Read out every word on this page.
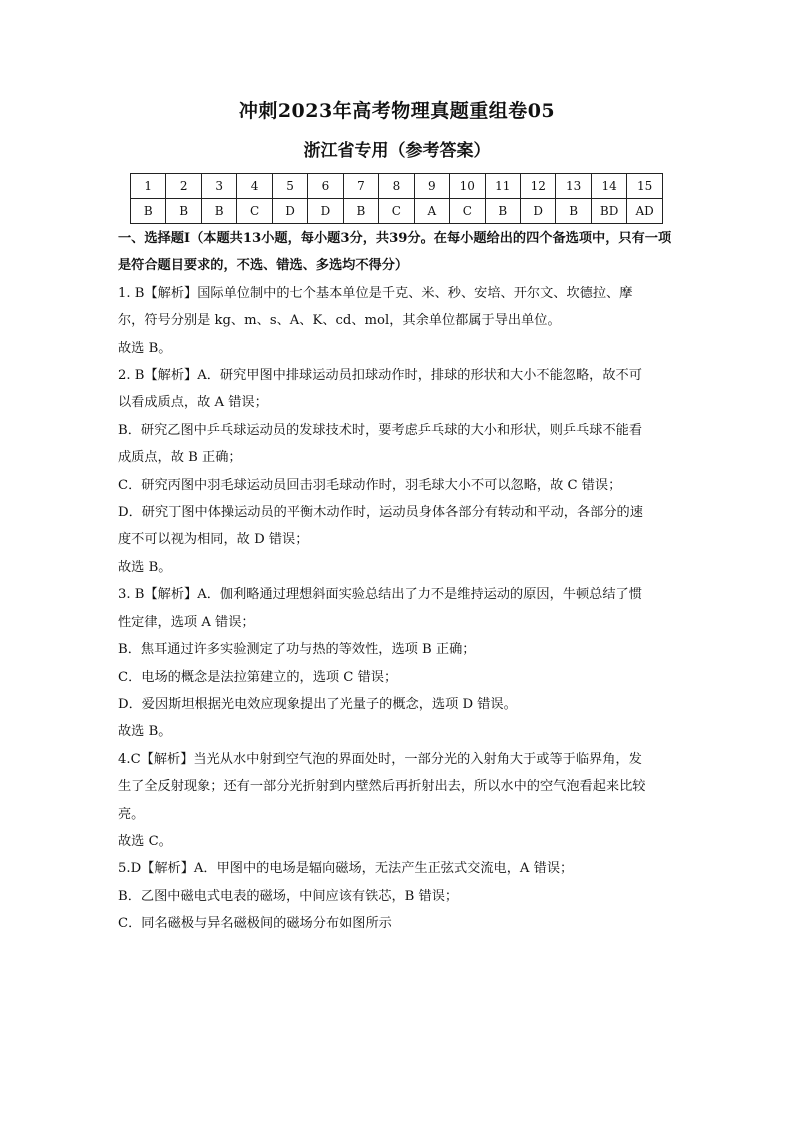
冲刺2023年高考物理真题重组卷05
浙江省专用（参考答案）
1	2	3	4	5	6	7	8	9	10	11	12	13	14	15
B	B	B	C	D	D	B	C	A	C	B	D	B	BD	AD

一、选择题Ⅰ（本题共13小题，每小题3分，共39分。在每小题给出的四个备选项中，只有一项是符合题目要求的，不选、错选、多选均不得分）

1. B【解析】国际单位制中的七个基本单位是千克、米、秒、安培、开尔文、坎德拉、摩

尔，符号分别是 kg、m、s、A、K、cd、mol，其余单位都属于导出单位。

故选 B。

2. B【解析】A．研究甲图中排球运动员扣球动作时，排球的形状和大小不能忽略，故不可

以看成质点，故 A 错误；

B．研究乙图中乒乓球运动员的发球技术时，要考虑乒乓球的大小和形状，则乒乓球不能看

成质点，故 B 正确；

C．研究丙图中羽毛球运动员回击羽毛球动作时，羽毛球大小不可以忽略，故 C 错误；

D．研究丁图中体操运动员的平衡木动作时，运动员身体各部分有转动和平动，各部分的速

度不可以视为相同，故 D 错误；

故选 B。

3. B【解析】A．伽利略通过理想斜面实验总结出了力不是维持运动的原因，牛顿总结了惯

性定律，选项 A 错误；

B．焦耳通过许多实验测定了功与热的等效性，选项 B 正确；

C．电场的概念是法拉第建立的，选项 C 错误；

D．爱因斯坦根据光电效应现象提出了光量子的概念，选项 D 错误。

故选 B。

4.C【解析】当光从水中射到空气泡的界面处时，一部分光的入射角大于或等于临界角，发

生了全反射现象；还有一部分光折射到内壁然后再折射出去，所以水中的空气泡看起来比较

亮。

故选 C。

5.D【解析】A．甲图中的电场是辐向磁场，无法产生正弦式交流电，A 错误；

B．乙图中磁电式电表的磁场，中间应该有铁芯，B 错误；

C．同名磁极与异名磁极间的磁场分布如图所示
